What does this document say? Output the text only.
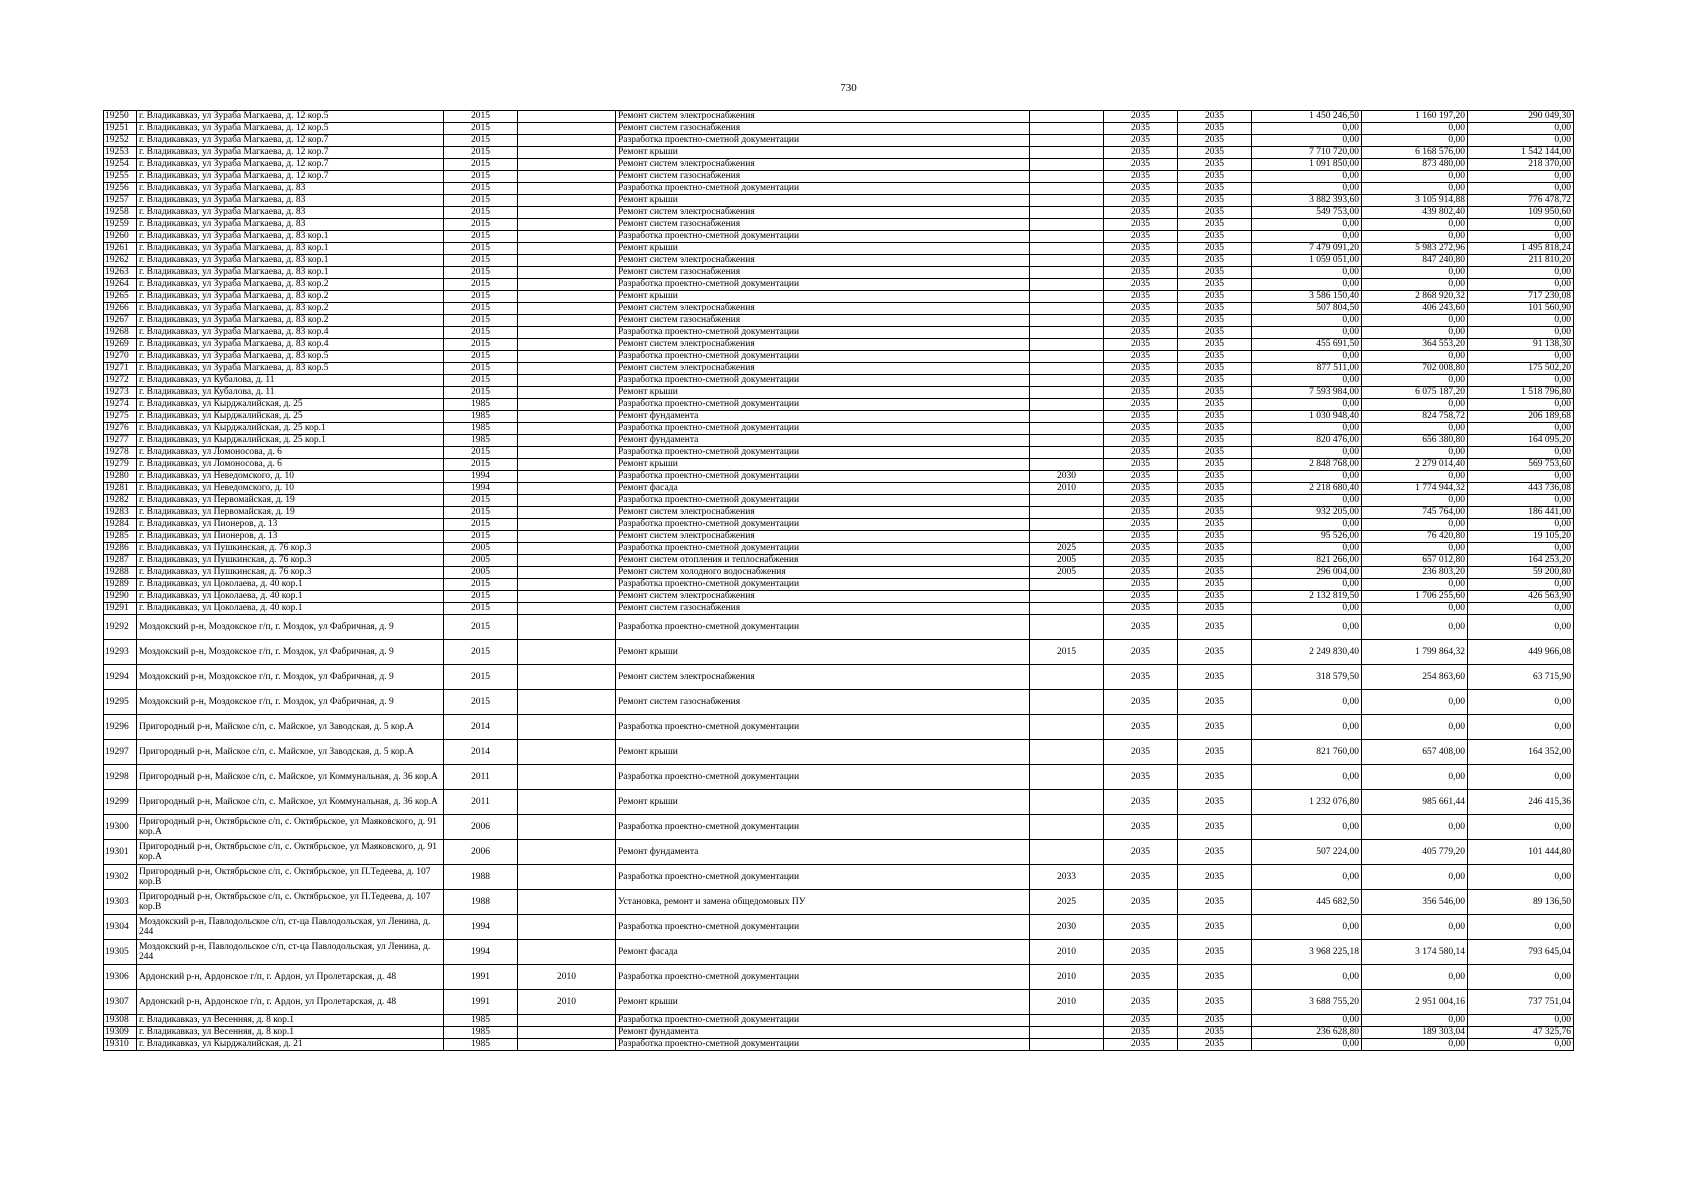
730
19250	г. Владикавказ, ул Зураба Магкаева, д. 12 кор.5	2015		Ремонт систем электроснабжения		2035	2035	1 450 246,50	1 160 197,20	290 049,30
19251	г. Владикавказ, ул Зураба Магкаева, д. 12 кор.5	2015		Ремонт систем газоснабжения		2035	2035	0,00	0,00	0,00
19252	г. Владикавказ, ул Зураба Магкаева, д. 12 кор.7	2015		Разработка проектно-сметной документации		2035	2035	0,00	0,00	0,00
19253	г. Владикавказ, ул Зураба Магкаева, д. 12 кор.7	2015		Ремонт крыши		2035	2035	7 710 720,00	6 168 576,00	1 542 144,00
19254	г. Владикавказ, ул Зураба Магкаева, д. 12 кор.7	2015		Ремонт систем электроснабжения		2035	2035	1 091 850,00	873 480,00	218 370,00
19255	г. Владикавказ, ул Зураба Магкаева, д. 12 кор.7	2015		Ремонт систем газоснабжения		2035	2035	0,00	0,00	0,00
19256	г. Владикавказ, ул Зураба Магкаева, д. 83	2015		Разработка проектно-сметной документации		2035	2035	0,00	0,00	0,00
19257	г. Владикавказ, ул Зураба Магкаева, д. 83	2015		Ремонт крыши		2035	2035	3 882 393,60	3 105 914,88	776 478,72
19258	г. Владикавказ, ул Зураба Магкаева, д. 83	2015		Ремонт систем электроснабжения		2035	2035	549 753,00	439 802,40	109 950,60
19259	г. Владикавказ, ул Зураба Магкаева, д. 83	2015		Ремонт систем газоснабжения		2035	2035	0,00	0,00	0,00
19260	г. Владикавказ, ул Зураба Магкаева, д. 83 кор.1	2015		Разработка проектно-сметной документации		2035	2035	0,00	0,00	0,00
19261	г. Владикавказ, ул Зураба Магкаева, д. 83 кор.1	2015		Ремонт крыши		2035	2035	7 479 091,20	5 983 272,96	1 495 818,24
19262	г. Владикавказ, ул Зураба Магкаева, д. 83 кор.1	2015		Ремонт систем электроснабжения		2035	2035	1 059 051,00	847 240,80	211 810,20
19263	г. Владикавказ, ул Зураба Магкаева, д. 83 кор.1	2015		Ремонт систем газоснабжения		2035	2035	0,00	0,00	0,00
19264	г. Владикавказ, ул Зураба Магкаева, д. 83 кор.2	2015		Разработка проектно-сметной документации		2035	2035	0,00	0,00	0,00
19265	г. Владикавказ, ул Зураба Магкаева, д. 83 кор.2	2015		Ремонт крыши		2035	2035	3 586 150,40	2 868 920,32	717 230,08
19266	г. Владикавказ, ул Зураба Магкаева, д. 83 кор.2	2015		Ремонт систем электроснабжения		2035	2035	507 804,50	406 243,60	101 560,90
19267	г. Владикавказ, ул Зураба Магкаева, д. 83 кор.2	2015		Ремонт систем газоснабжения		2035	2035	0,00	0,00	0,00
19268	г. Владикавказ, ул Зураба Магкаева, д. 83 кор.4	2015		Разработка проектно-сметной документации		2035	2035	0,00	0,00	0,00
19269	г. Владикавказ, ул Зураба Магкаева, д. 83 кор.4	2015		Ремонт систем электроснабжения		2035	2035	455 691,50	364 553,20	91 138,30
19270	г. Владикавказ, ул Зураба Магкаева, д. 83 кор.5	2015		Разработка проектно-сметной документации		2035	2035	0,00	0,00	0,00
19271	г. Владикавказ, ул Зураба Магкаева, д. 83 кор.5	2015		Ремонт систем электроснабжения		2035	2035	877 511,00	702 008,80	175 502,20
19272	г. Владикавказ, ул Кубалова, д. 11	2015		Разработка проектно-сметной документации		2035	2035	0,00	0,00	0,00
19273	г. Владикавказ, ул Кубалова, д. 11	2015		Ремонт крыши		2035	2035	7 593 984,00	6 075 187,20	1 518 796,80
19274	г. Владикавказ, ул Кырджалийская, д. 25	1985		Разработка проектно-сметной документации		2035	2035	0,00	0,00	0,00
19275	г. Владикавказ, ул Кырджалийская, д. 25	1985		Ремонт фундамента		2035	2035	1 030 948,40	824 758,72	206 189,68
19276	г. Владикавказ, ул Кырджалийская, д. 25 кор.1	1985		Разработка проектно-сметной документации		2035	2035	0,00	0,00	0,00
19277	г. Владикавказ, ул Кырджалийская, д. 25 кор.1	1985		Ремонт фундамента		2035	2035	820 476,00	656 380,80	164 095,20
19278	г. Владикавказ, ул Ломоносова, д. 6	2015		Разработка проектно-сметной документации		2035	2035	0,00	0,00	0,00
19279	г. Владикавказ, ул Ломоносова, д. 6	2015		Ремонт крыши		2035	2035	2 848 768,00	2 279 014,40	569 753,60
19280	г. Владикавказ, ул Неведомского, д. 10	1994		Разработка проектно-сметной документации	2030	2035	2035	0,00	0,00	0,00
19281	г. Владикавказ, ул Неведомского, д. 10	1994		Ремонт фасада	2010	2035	2035	2 218 680,40	1 774 944,32	443 736,08
19282	г. Владикавказ, ул Первомайская, д. 19	2015		Разработка проектно-сметной документации		2035	2035	0,00	0,00	0,00
19283	г. Владикавказ, ул Первомайская, д. 19	2015		Ремонт систем электроснабжения		2035	2035	932 205,00	745 764,00	186 441,00
19284	г. Владикавказ, ул Пионеров, д. 13	2015		Разработка проектно-сметной документации		2035	2035	0,00	0,00	0,00
19285	г. Владикавказ, ул Пионеров, д. 13	2015		Ремонт систем электроснабжения		2035	2035	95 526,00	76 420,80	19 105,20
19286	г. Владикавказ, ул Пушкинская, д. 76 кор.3	2005		Разработка проектно-сметной документации	2025	2035	2035	0,00	0,00	0,00
19287	г. Владикавказ, ул Пушкинская, д. 76 кор.3	2005		Ремонт систем отопления и теплоснабжения	2005	2035	2035	821 266,00	657 012,80	164 253,20
19288	г. Владикавказ, ул Пушкинская, д. 76 кор.3	2005		Ремонт систем холодного водоснабжения	2005	2035	2035	296 004,00	236 803,20	59 200,80
19289	г. Владикавказ, ул Цоколаева, д. 40 кор.1	2015		Разработка проектно-сметной документации		2035	2035	0,00	0,00	0,00
19290	г. Владикавказ, ул Цоколаева, д. 40 кор.1	2015		Ремонт систем электроснабжения		2035	2035	2 132 819,50	1 706 255,60	426 563,90
19291	г. Владикавказ, ул Цоколаева, д. 40 кор.1	2015		Ремонт систем газоснабжения		2035	2035	0,00	0,00	0,00
19292	Моздокский р-н, Моздокское г/п, г. Моздок, ул Фабричная, д. 9	2015		Разработка проектно-сметной документации		2035	2035	0,00	0,00	0,00
19293	Моздокский р-н, Моздокское г/п, г. Моздок, ул Фабричная, д. 9	2015		Ремонт крыши	2015	2035	2035	2 249 830,40	1 799 864,32	449 966,08
19294	Моздокский р-н, Моздокское г/п, г. Моздок, ул Фабричная, д. 9	2015		Ремонт систем электроснабжения		2035	2035	318 579,50	254 863,60	63 715,90
19295	Моздокский р-н, Моздокское г/п, г. Моздок, ул Фабричная, д. 9	2015		Ремонт систем газоснабжения		2035	2035	0,00	0,00	0,00
19296	Пригородный р-н, Майское с/п, с. Майское, ул Заводская, д. 5 кор.А	2014		Разработка проектно-сметной документации		2035	2035	0,00	0,00	0,00
19297	Пригородный р-н, Майское с/п, с. Майское, ул Заводская, д. 5 кор.А	2014		Ремонт крыши		2035	2035	821 760,00	657 408,00	164 352,00
19298	Пригородный р-н, Майское с/п, с. Майское, ул Коммунальная, д. 36 кор.А	2011		Разработка проектно-сметной документации		2035	2035	0,00	0,00	0,00
19299	Пригородный р-н, Майское с/п, с. Майское, ул Коммунальная, д. 36 кор.А	2011		Ремонт крыши		2035	2035	1 232 076,80	985 661,44	246 415,36
19300	Пригородный р-н, Октябрьское с/п, с. Октябрьское, ул Маяковского, д. 91 кор.А	2006		Разработка проектно-сметной документации		2035	2035	0,00	0,00	0,00
19301	Пригородный р-н, Октябрьское с/п, с. Октябрьское, ул Маяковского, д. 91 кор.А	2006		Ремонт фундамента		2035	2035	507 224,00	405 779,20	101 444,80
19302	Пригородный р-н, Октябрьское с/п, с. Октябрьское, ул П.Тедеева, д. 107 кор.В	1988		Разработка проектно-сметной документации	2033	2035	2035	0,00	0,00	0,00
19303	Пригородный р-н, Октябрьское с/п, с. Октябрьское, ул П.Тедеева, д. 107 кор.В	1988		Установка, ремонт и замена общедомовых ПУ	2025	2035	2035	445 682,50	356 546,00	89 136,50
19304	Моздокский р-н, Павлодольское с/п, ст-ца Павлодольская, ул Ленина, д. 244	1994		Разработка проектно-сметной документации	2030	2035	2035	0,00	0,00	0,00
19305	Моздокский р-н, Павлодольское с/п, ст-ца Павлодольская, ул Ленина, д. 244	1994		Ремонт фасада	2010	2035	2035	3 968 225,18	3 174 580,14	793 645,04
19306	Ардонский р-н, Ардонское г/п, г. Ардон, ул Пролетарская, д. 48	1991	2010	Разработка проектно-сметной документации	2010	2035	2035	0,00	0,00	0,00
19307	Ардонский р-н, Ардонское г/п, г. Ардон, ул Пролетарская, д. 48	1991	2010	Ремонт крыши	2010	2035	2035	3 688 755,20	2 951 004,16	737 751,04
19308	г. Владикавказ, ул Весенняя, д. 8 кор.1	1985		Разработка проектно-сметной документации		2035	2035	0,00	0,00	0,00
19309	г. Владикавказ, ул Весенняя, д. 8 кор.1	1985		Ремонт фундамента		2035	2035	236 628,80	189 303,04	47 325,76
19310	г. Владикавказ, ул Кырджалийская, д. 21	1985		Разработка проектно-сметной документации		2035	2035	0,00	0,00	0,00
